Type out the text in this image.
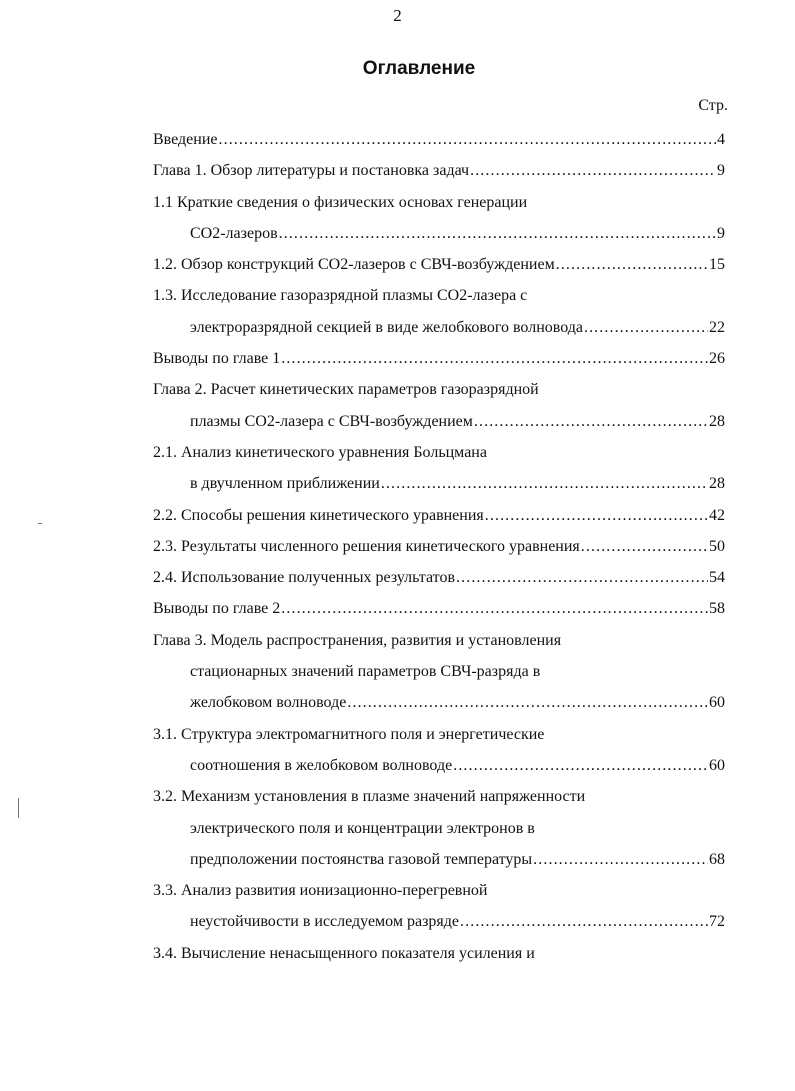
2
Оглавление
Стр.
Введение .....	4
Глава 1. Обзор литературы и постановка задач .....	9
1.1 Краткие сведения о физических основах генерации
СО2-лазеров .....	9
1.2. Обзор конструкций СО2-лазеров с СВЧ-возбуждением .....	15
1.3. Исследование газоразрядной плазмы СО2-лазера с
электроразрядной секцией в виде желобкового волновода .....	22
Выводы по главе 1 .....	26
Глава 2. Расчет кинетических параметров газоразрядной
плазмы СО2-лазера с СВЧ-возбуждением .....	28
2.1. Анализ кинетического уравнения Больцмана
в двучленном приближении .....	28
2.2. Способы решения кинетического уравнения .....	42
2.3. Результаты численного решения кинетического уравнения .....	50
2.4. Использование полученных результатов .....	54
Выводы по главе 2 .....	58
Глава 3. Модель распространения, развития и установления
стационарных значений параметров СВЧ-разряда в
желобковом волноводе .....	60
3.1. Структура электромагнитного поля и энергетические
соотношения в желобковом волноводе .....	60
3.2. Механизм установления в плазме значений напряженности
электрического поля и концентрации электронов в
предположении постоянства газовой температуры .....	68
3.3. Анализ развития ионизационно-перегревной
неустойчивости в исследуемом разряде .....	72
3.4. Вычисление ненасыщенного показателя усиления и
